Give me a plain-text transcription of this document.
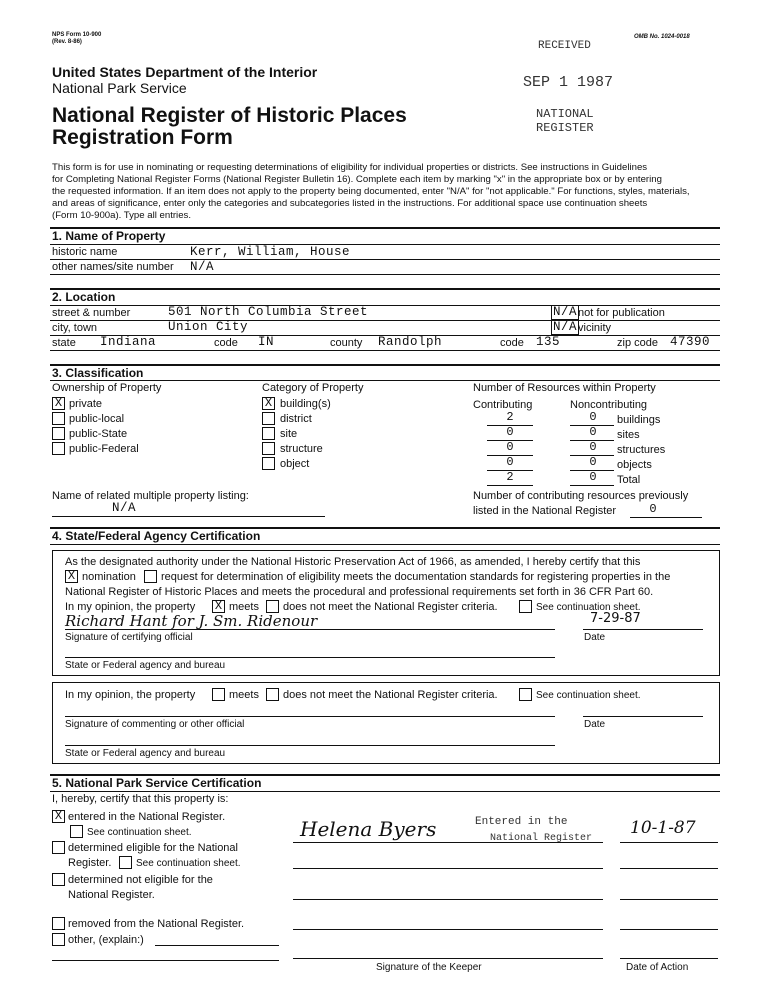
NPS Form 10-900
(Rev. 8-86)
OMB No. 1024-0018
RECEIVED
SEP 1 1987
NATIONAL
REGISTER
United States Department of the Interior
National Park Service
National Register of Historic Places
Registration Form
This form is for use in nominating or requesting determinations of eligibility for individual properties or districts. See instructions in Guidelines
for Completing National Register Forms (National Register Bulletin 16). Complete each item by marking "x" in the appropriate box or by entering
the requested information. If an item does not apply to the property being documented, enter "N/A" for "not applicable." For functions, styles, materials,
and areas of significance, enter only the categories and subcategories listed in the instructions. For additional space use continuation sheets
(Form 10-900a). Type all entries.
1. Name of Property
historic name	Kerr, William, House
other names/site number N/A
2. Location
street & number	501 North Columbia Street	N/A not for publication
city, town	Union City	N/A vicinity
state Indiana	code IN	county Randolph	code 135	zip code 47390
3. Classification
Ownership of Property	Category of Property	Number of Resources within Property
Contributing	Noncontributing
X private
public-local
public-State
public-Federal
X building(s)
district
site
structure
object
2	0	buildings
0	0	sites
0	0	structures
0	0	objects
2	0	Total
Name of related multiple property listing:
N/A
Number of contributing resources previously
listed in the National Register	0
4. State/Federal Agency Certification
As the designated authority under the National Historic Preservation Act of 1966, as amended, I hereby certify that this
X nomination request for determination of eligibility meets the documentation standards for registering properties in the
National Register of Historic Places and meets the procedural and professional requirements set forth in 36 CFR Part 60.
In my opinion, the property X meets does not meet the National Register criteria.	See continuation sheet.
Richard Hant for J. Sm. Ridenour	7-29-87
Signature of certifying official	Date
State or Federal agency and bureau
In my opinion, the property	meets does not meet the National Register criteria.	See continuation sheet.
Signature of commenting or other official	Date
State or Federal agency and bureau
5. National Park Service Certification
I, hereby, certify that this property is:
X entered in the National Register.
See continuation sheet.
determined eligible for the National
Register. See continuation sheet.
determined not eligible for the
National Register.
removed from the National Register.
other, (explain:)
Helena Byers	Entered in the
National Register
10-1-87
Signature of the Keeper	Date of Action
